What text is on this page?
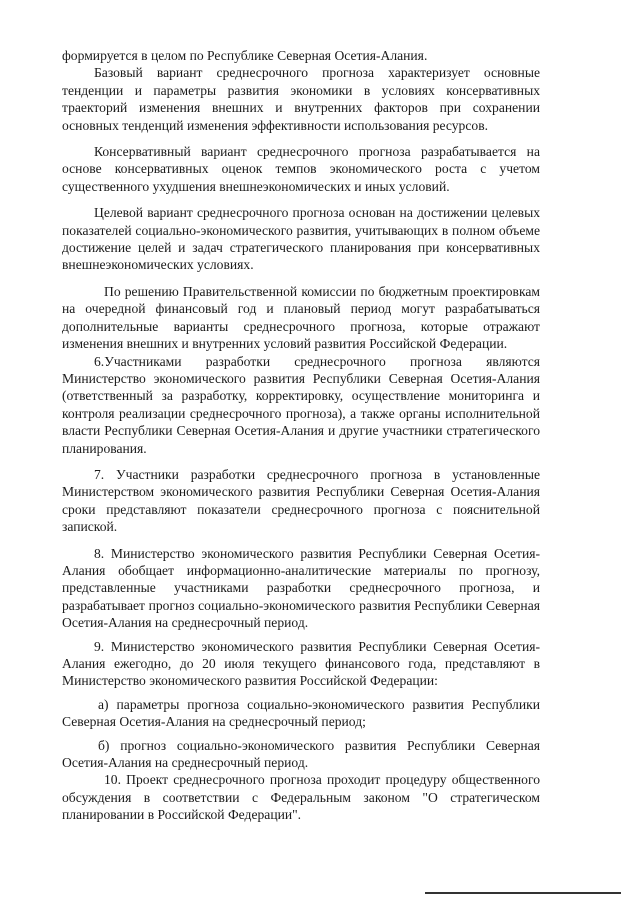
формируется в целом по Республике Северная Осетия-Алания.

Базовый вариант среднесрочного прогноза характеризует основные тенденции и параметры развития экономики в условиях консервативных траекторий изменения внешних и внутренних факторов при сохранении основных тенденций изменения эффективности использования ресурсов.

Консервативный вариант среднесрочного прогноза разрабатывается на основе консервативных оценок темпов экономического роста с учетом существенного ухудшения внешнеэкономических и иных условий.

Целевой вариант среднесрочного прогноза основан на достижении целевых показателей социально-экономического развития, учитывающих в полном объеме достижение целей и задач стратегического планирования при консервативных внешнеэкономических условиях.

По решению Правительственной комиссии по бюджетным проектировкам на очередной финансовый год и плановый период могут разрабатываться дополнительные варианты среднесрочного прогноза, которые отражают изменения внешних и внутренних условий развития Российской Федерации.

6.Участниками разработки среднесрочного прогноза являются Министерство экономического развития Республики Северная Осетия-Алания (ответственный за разработку, корректировку, осуществление мониторинга и контроля реализации среднесрочного прогноза), а также органы исполнительной власти Республики Северная Осетия-Алания и другие участники стратегического планирования.

7. Участники разработки среднесрочного прогноза в установленные Министерством экономического развития Республики Северная Осетия-Алания сроки представляют показатели среднесрочного прогноза с пояснительной запиской.

8. Министерство экономического развития Республики Северная Осетия-Алания обобщает информационно-аналитические материалы по прогнозу, представленные участниками разработки среднесрочного прогноза, и разрабатывает прогноз социально-экономического развития Республики Северная Осетия-Алания на среднесрочный период.

9. Министерство экономического развития Республики Северная Осетия-Алания ежегодно, до 20 июля текущего финансового года, представляют в Министерство экономического развития Российской Федерации:

а) параметры прогноза социально-экономического развития Республики Северная Осетия-Алания на среднесрочный период;

б) прогноз социально-экономического развития Республики Северная Осетия-Алания на среднесрочный период.

10. Проект среднесрочного прогноза проходит процедуру общественного обсуждения в соответствии с Федеральным законом "О стратегическом планировании в Российской Федерации".
